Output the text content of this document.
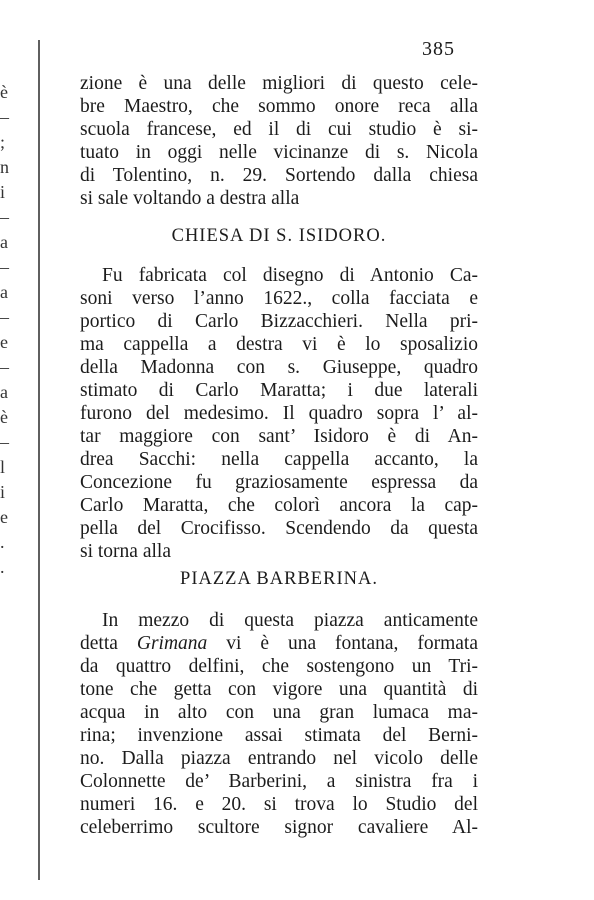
è
–
;
n
i
–
a
–
a
–
e
–
a
è
–
l
i
e
.
.
385
zione è una delle migliori di questo cele-
bre Maestro, che sommo onore reca alla
scuola francese, ed il di cui studio è si-
tuato in oggi nelle vicinanze di s. Nicola
di Tolentino, n. 29. Sortendo dalla chiesa
si sale voltando a destra alla
CHIESA DI S. ISIDORO.
Fu fabricata col disegno di Antonio Ca-
soni verso l’anno 1622., colla facciata e
portico di Carlo Bizzacchieri. Nella pri-
ma cappella a destra vi è lo sposalizio
della Madonna con s. Giuseppe, quadro
stimato di Carlo Maratta; i due laterali
furono del medesimo. Il quadro sopra l’ al-
tar maggiore con sant’ Isidoro è di An-
drea Sacchi: nella cappella accanto, la
Concezione fu graziosamente espressa da
Carlo Maratta, che colorì ancora la cap-
pella del Crocifisso. Scendendo da questa
si torna alla
PIAZZA BARBERINA.
In mezzo di questa piazza anticamente
detta Grimana vi è una fontana, formata
da quattro delfini, che sostengono un Tri-
tone che getta con vigore una quantità di
acqua in alto con una gran lumaca ma-
rina; invenzione assai stimata del Berni-
no. Dalla piazza entrando nel vicolo delle
Colonnette de’ Barberini, a sinistra fra i
numeri 16. e 20. si trova lo Studio del
celeberrimo scultore signor cavaliere Al-
